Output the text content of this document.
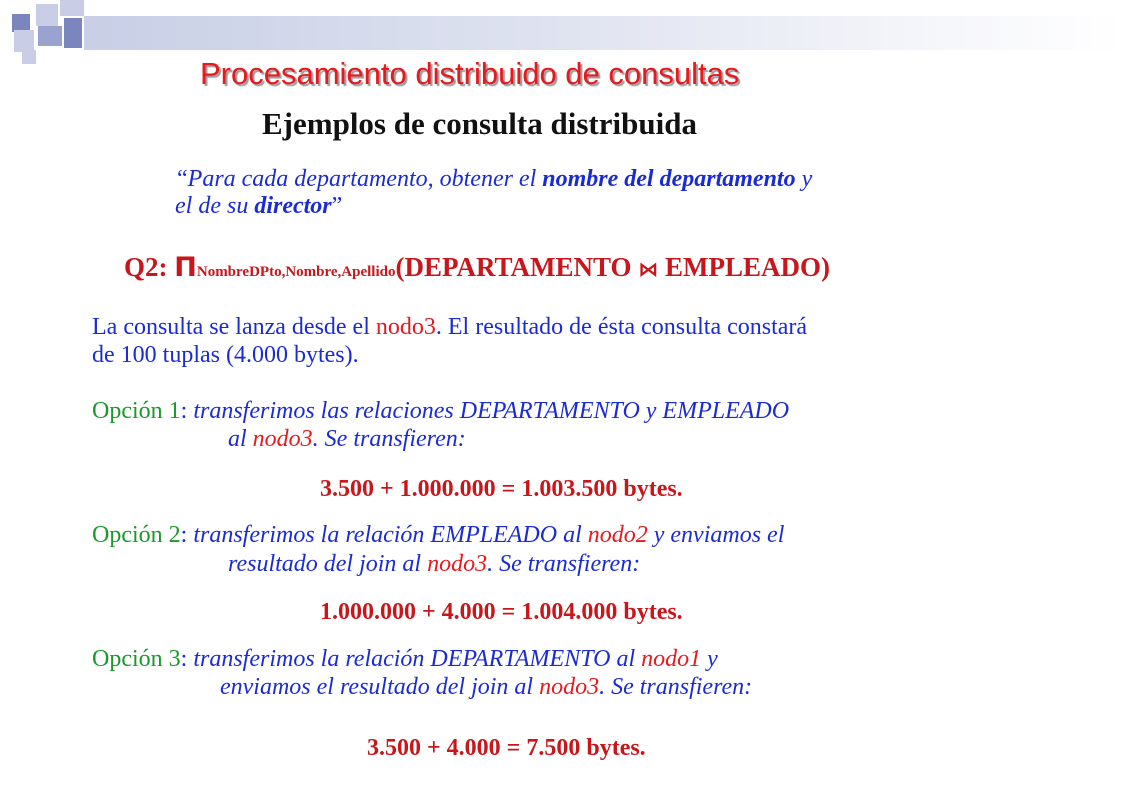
Procesamiento distribuido de consultas
Ejemplos de consulta distribuida
“Para cada departamento, obtener el nombre del departamento y
el de su director”
Q2: ΠNombreDPto,Nombre,Apellido(DEPARTAMENTO ⋈ EMPLEADO)
La consulta se lanza desde el nodo3. El resultado de ésta consulta constará
de 100 tuplas (4.000 bytes).
Opción 1: transferimos las relaciones DEPARTAMENTO y EMPLEADO
al nodo3. Se transfieren:
3.500 + 1.000.000 = 1.003.500 bytes.
Opción 2: transferimos la relación EMPLEADO al nodo2 y enviamos el
resultado del join al nodo3. Se transfieren:
1.000.000 + 4.000 = 1.004.000 bytes.
Opción 3: transferimos la relación DEPARTAMENTO al nodo1 y
enviamos el resultado del join al nodo3. Se transfieren:
3.500 + 4.000 = 7.500 bytes.
